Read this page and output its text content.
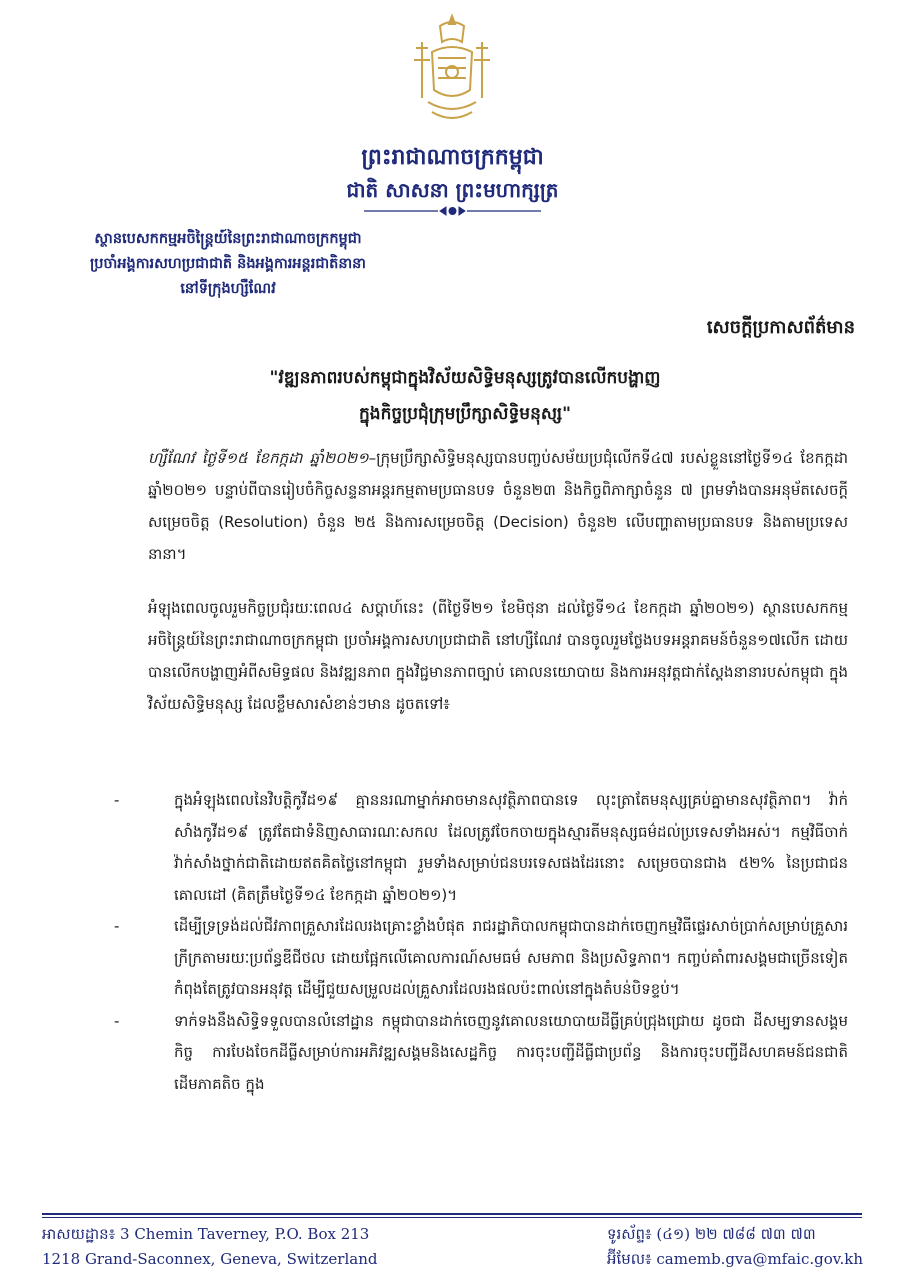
ព្រះរាជាណាចក្រកម្ពុជា
ជាតិ សាសនា ព្រះមហាក្សត្រ
ស្ថានបេសកកម្មអចិន្ត្រៃយ៍នៃព្រះរាជាណាចក្រកម្ពុជា
ប្រចាំអង្គការសហប្រជាជាតិ និងអង្គការអន្តរជាតិនានា
នៅទីក្រុងហ្សឺណែវ
សេចក្តីប្រកាសព័ត៌មាន
"វឌ្ឍនភាពរបស់កម្ពុជាក្នុងវិស័យសិទ្ធិមនុស្សត្រូវបានលើកបង្ហាញ
ក្នុងកិច្ចប្រជុំក្រុមប្រឹក្សាសិទ្ធិមនុស្ស"

ហ្សឺណែវ ថ្ងៃទី១៥ ខែកក្កដា ឆ្នាំ២០២១–ក្រុមប្រឹក្សាសិទ្ធិមនុស្សបានបញ្ចប់សម័យប្រជុំលើកទី៤៧ របស់ខ្លួននៅថ្ងៃទី១៤ ខែកក្កដា ឆ្នាំ២០២១ បន្ទាប់ពីបានរៀបចំកិច្ចសន្ទនាអន្តរកម្មតាមប្រធានបទ ចំនួន២៣ និងកិច្ចពិភាក្សាចំនួន ៧ ព្រមទាំងបានអនុម័តសេចក្តីសម្រេចចិត្ត (Resolution) ចំនួន ២៥ និងការសម្រេចចិត្ត (Decision) ចំនួន២ លើបញ្ហាតាមប្រធានបទ និងតាមប្រទេសនានា។

អំឡុងពេលចូលរួមកិច្ចប្រជុំរយៈពេល៤ សប្តាហ៍នេះ (ពីថ្ងៃទី២១ ខែមិថុនា ដល់ថ្ងៃទី១៤ ខែកក្កដា ឆ្នាំ២០២១) ស្ថានបេសកកម្មអចិន្ត្រៃយ៍នៃព្រះរាជាណាចក្រកម្ពុជា ប្រចាំអង្គការសហប្រជាជាតិ នៅហ្សឺណែវ បានចូលរួមថ្លែងបទអន្តរាគមន៍ចំនួន១៧លើក ដោយបានលើកបង្ហាញអំពីសមិទ្ធផល និងវឌ្ឍនភាព ក្នុងវិជ្ជមានភាពច្បាប់ គោលនយោបាយ និងការអនុវត្តជាក់ស្តែងនានារបស់កម្ពុជា ក្នុងវិស័យសិទ្ធិមនុស្ស ដែលខ្លឹមសារសំខាន់ៗមាន ដូចតទៅ៖

-	ក្នុងអំឡុងពេលនៃវិបត្តិកូវីដ១៩ គ្មាននរណាម្នាក់អាចមានសុវត្ថិភាពបានទេ លុះត្រាតែមនុស្សគ្រប់គ្នាមានសុវត្ថិភាព។ វ៉ាក់សាំងកូវីដ១៩ ត្រូវតែជាទំនិញសាធារណៈសកល ដែលត្រូវចែកចាយក្នុងស្មារតីមនុស្សធម៌ដល់ប្រទេសទាំងអស់។ កម្មវិធីចាក់វ៉ាក់សាំងថ្នាក់ជាតិដោយឥតគិតថ្លៃនៅកម្ពុជា រួមទាំងសម្រាប់ជនបរទេសផងដែរនោះ សម្រេចបានជាង ៥២% នៃប្រជាជនគោលដៅ (គិតត្រឹមថ្ងៃទី១៤ ខែកក្កដា ឆ្នាំ២០២១)។
-	ដើម្បីទ្រទ្រង់ដល់ជីវភាពគ្រួសារដែលរងគ្រោះខ្លាំងបំផុត រាជរដ្ឋាភិបាលកម្ពុជាបានដាក់ចេញកម្មវិធីផ្ទេរសាច់ប្រាក់សម្រាប់គ្រួសារក្រីក្រតាមរយៈប្រព័ន្ធឌីជីថល ដោយផ្អែកលើគោលការណ៍សមធម៌ សមភាព និងប្រសិទ្ធភាព។ កញ្ចប់គាំពារសង្គមជាច្រើនទៀតកំពុងតែត្រូវបានអនុវត្ត ដើម្បីជួយសម្រួលដល់គ្រួសារដែលរងផលប៉ះពាល់នៅក្នុងតំបន់បិទខ្ទប់។
-	ទាក់ទងនឹងសិទ្ធិទទួលបានលំនៅដ្ឋាន កម្ពុជាបានដាក់ចេញនូវគោលនយោបាយដីធ្លីគ្រប់ជ្រុងជ្រោយ ដូចជា ដីសម្បទានសង្គមកិច្ច ការបែងចែកដីធ្លីសម្រាប់ការអភិវឌ្ឍសង្គមនិងសេដ្ឋកិច្ច ការចុះបញ្ជីដីធ្លីជាប្រព័ន្ធ និងការចុះបញ្ជីដីសហគមន៍ជនជាតិដើមភាគតិច ក្នុង
អាសយដ្ឋាន៖ 3 Chemin Taverney, P.O. Box 213
1218 Grand-Saconnex, Geneva, Switzerland
ទូរស័ព្ទ៖ (៤១) ២២ ៧៨៨ ៧៣ ៧៣
អ៊ីមែល៖ camemb.gva@mfaic.gov.kh
